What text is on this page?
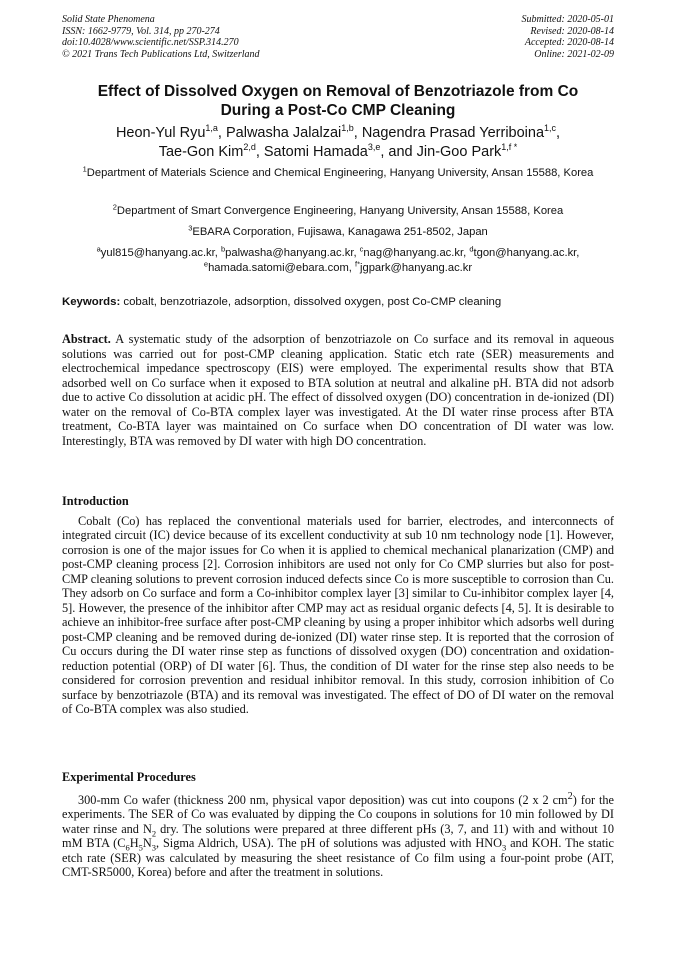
Solid State Phenomena
ISSN: 1662-9779, Vol. 314, pp 270-274
doi:10.4028/www.scientific.net/SSP.314.270
© 2021 Trans Tech Publications Ltd, Switzerland
Submitted: 2020-05-01
Revised: 2020-08-14
Accepted: 2020-08-14
Online: 2021-02-09
Effect of Dissolved Oxygen on Removal of Benzotriazole from Co
During a Post-Co CMP Cleaning
Heon-Yul Ryu$^{1,a}$, Palwasha Jalalzai$^{1,b}$, Nagendra Prasad Yerriboina$^{1,c}$,
Tae-Gon Kim$^{2,d}$, Satomi Hamada$^{3,e}$, and Jin-Goo Park$^{1,f *}$
$^1$Department of Materials Science and Chemical Engineering, Hanyang University, Ansan 15588, Korea
$^2$Department of Smart Convergence Engineering, Hanyang University, Ansan 15588, Korea
$^3$EBARA Corporation, Fujisawa, Kanagawa 251-8502, Japan
$^a$yul815@hanyang.ac.kr, $^b$palwasha@hanyang.ac.kr, $^c$nag@hanyang.ac.kr, $^d$tgon@hanyang.ac.kr,
$^e$hamada.satomi@ebara.com, $^{f*}$jgpark@hanyang.ac.kr
Keywords: cobalt, benzotriazole, adsorption, dissolved oxygen, post Co-CMP cleaning
Abstract. A systematic study of the adsorption of benzotriazole on Co surface and its removal in aqueous solutions was carried out for post-CMP cleaning application. Static etch rate (SER) measurements and electrochemical impedance spectroscopy (EIS) were employed. The experimental results show that BTA adsorbed well on Co surface when it exposed to BTA solution at neutral and alkaline pH. BTA did not adsorb due to active Co dissolution at acidic pH. The effect of dissolved oxygen (DO) concentration in de-ionized (DI) water on the removal of Co-BTA complex layer was investigated. At the DI water rinse process after BTA treatment, Co-BTA layer was maintained on Co surface when DO concentration of DI water was low. Interestingly, BTA was removed by DI water with high DO concentration.
Introduction

Cobalt (Co) has replaced the conventional materials used for barrier, electrodes, and interconnects of integrated circuit (IC) device because of its excellent conductivity at sub 10 nm technology node [1]. However, corrosion is one of the major issues for Co when it is applied to chemical mechanical planarization (CMP) and post-CMP cleaning process [2]. Corrosion inhibitors are used not only for Co CMP slurries but also for post-CMP cleaning solutions to prevent corrosion induced defects since Co is more susceptible to corrosion than Cu. They adsorb on Co surface and form a Co-inhibitor complex layer [3] similar to Cu-inhibitor complex layer [4, 5]. However, the presence of the inhibitor after CMP may act as residual organic defects [4, 5]. It is desirable to achieve an inhibitor-free surface after post-CMP cleaning by using a proper inhibitor which adsorbs well during post-CMP cleaning and be removed during de-ionized (DI) water rinse step. It is reported that the corrosion of Cu occurs during the DI water rinse step as functions of dissolved oxygen (DO) concentration and oxidation-reduction potential (ORP) of DI water [6]. Thus, the condition of DI water for the rinse step also needs to be considered for corrosion prevention and residual inhibitor removal. In this study, corrosion inhibition of Co surface by benzotriazole (BTA) and its removal was investigated. The effect of DO of DI water on the removal of Co-BTA complex was also studied.

Experimental Procedures

300-mm Co wafer (thickness 200 nm, physical vapor deposition) was cut into coupons (2 x 2 $cm^2$) for the experiments. The SER of Co was evaluated by dipping the Co coupons in solutions for 10 min followed by DI water rinse and $N_2$ dry. The solutions were prepared at three different pHs (3, 7, and 11) with and without 10 mM BTA ($C_6H_5N_3$, Sigma Aldrich, USA). The pH of solutions was adjusted with $HNO_3$ and KOH. The static etch rate (SER) was calculated by measuring the sheet resistance of Co film using a four-point probe (AIT, CMT-SR5000, Korea) before and after the treatment in solutions.
